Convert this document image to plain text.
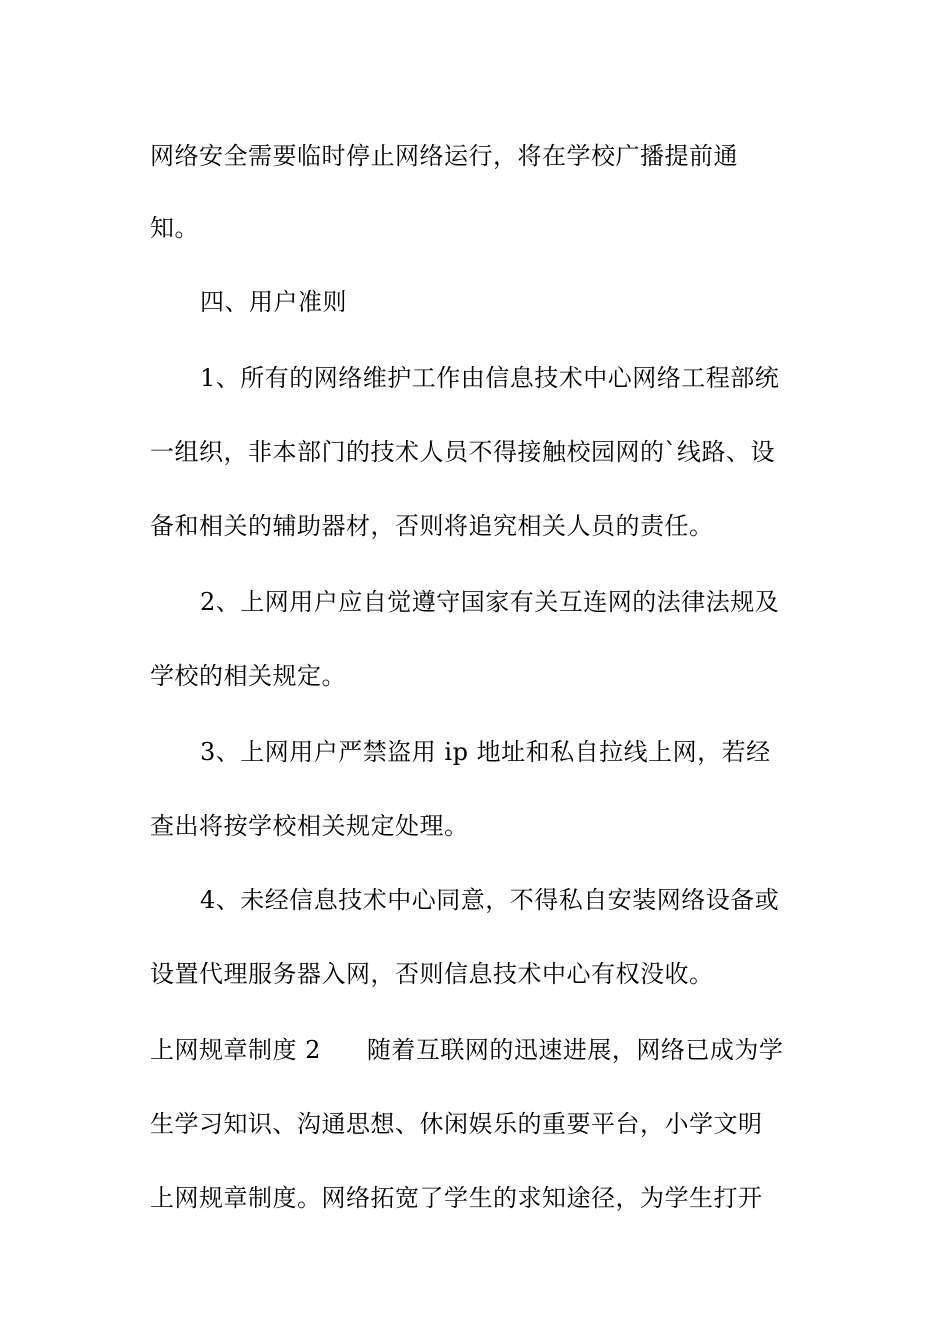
网络安全需要临时停止网络运行，将在学校广播提前通
知。
四、用户准则
1、所有的网络维护工作由信息技术中心网络工程部统
一组织，非本部门的技术人员不得接触校园网的`线路、设
备和相关的辅助器材，否则将追究相关人员的责任。
2、上网用户应自觉遵守国家有关互连网的法律法规及
学校的相关规定。
3、上网用户严禁盗用 ip 地址和私自拉线上网，若经
查出将按学校相关规定处理。
4、未经信息技术中心同意，不得私自安装网络设备或
设置代理服务器入网，否则信息技术中心有权没收。
上网规章制度 2 随着互联网的迅速进展，网络已成为学
生学习知识、沟通思想、休闲娱乐的重要平台，小学文明
上网规章制度。网络拓宽了学生的求知途径，为学生打开
